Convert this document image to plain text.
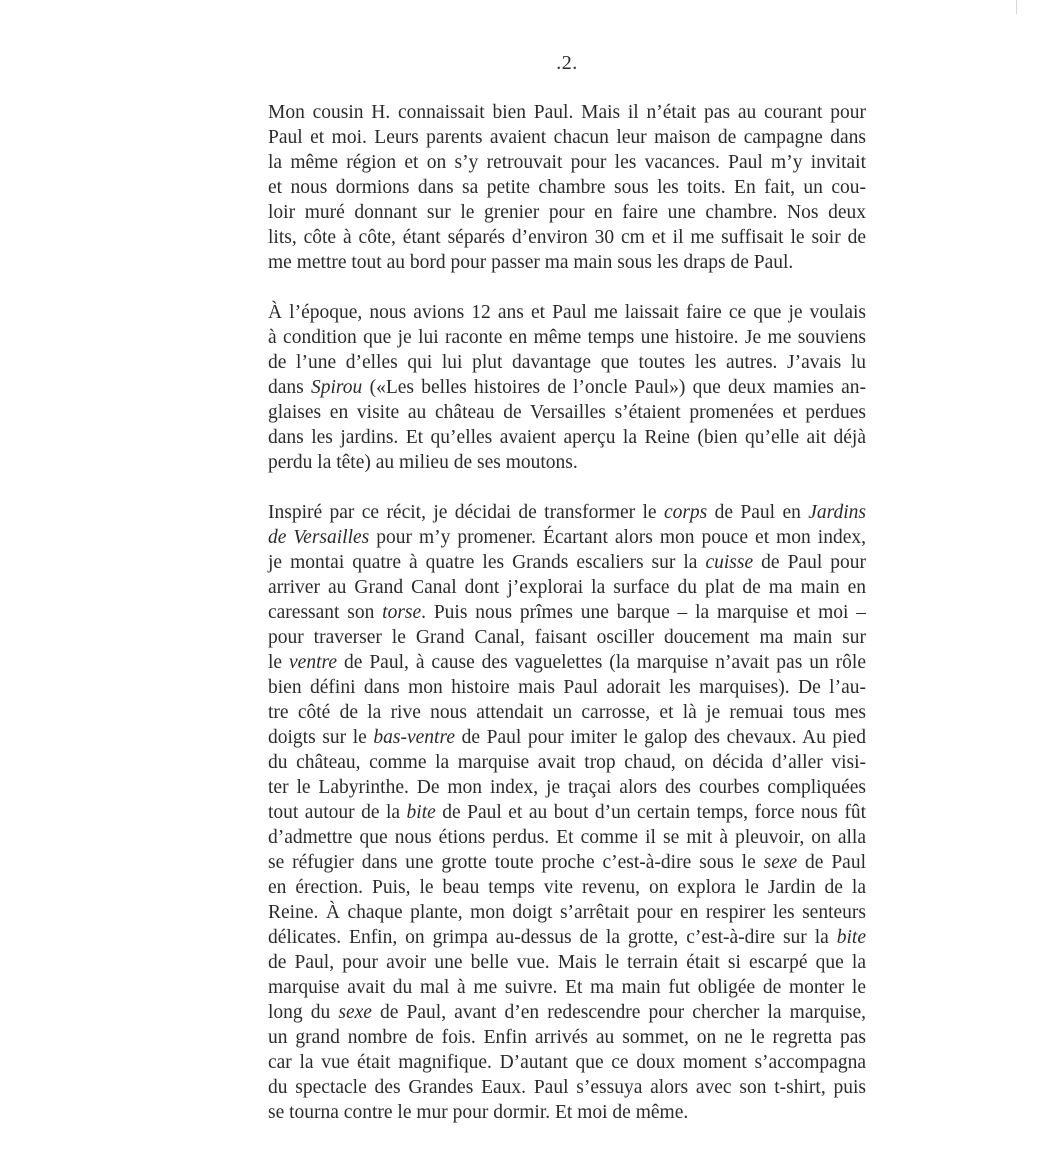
.2.

Mon cousin H. connaissait bien Paul. Mais il n’était pas au courant pour
Paul et moi. Leurs parents avaient chacun leur maison de campagne dans
la même région et on s’y retrouvait pour les vacances. Paul m’y invitait
et nous dormions dans sa petite chambre sous les toits. En fait, un cou-
loir muré donnant sur le grenier pour en faire une chambre. Nos deux
lits, côte à côte, étant séparés d’environ 30 cm et il me suffisait le soir de
me mettre tout au bord pour passer ma main sous les draps de Paul.

À l’époque, nous avions 12 ans et Paul me laissait faire ce que je voulais
à condition que je lui raconte en même temps une histoire. Je me souviens
de l’une d’elles qui lui plut davantage que toutes les autres. J’avais lu
dans Spirou («Les belles histoires de l’oncle Paul») que deux mamies an-
glaises en visite au château de Versailles s’étaient promenées et perdues
dans les jardins. Et qu’elles avaient aperçu la Reine (bien qu’elle ait déjà
perdu la tête) au milieu de ses moutons.

Inspiré par ce récit, je décidai de transformer le corps de Paul en Jardins
de Versailles pour m’y promener. Écartant alors mon pouce et mon index,
je montai quatre à quatre les Grands escaliers sur la cuisse de Paul pour
arriver au Grand Canal dont j’explorai la surface du plat de ma main en
caressant son torse. Puis nous prîmes une barque – la marquise et moi –
pour traverser le Grand Canal, faisant osciller doucement ma main sur
le ventre de Paul, à cause des vaguelettes (la marquise n’avait pas un rôle
bien défini dans mon histoire mais Paul adorait les marquises). De l’au-
tre côté de la rive nous attendait un carrosse, et là je remuai tous mes
doigts sur le bas-ventre de Paul pour imiter le galop des chevaux. Au pied
du château, comme la marquise avait trop chaud, on décida d’aller visi-
ter le Labyrinthe. De mon index, je traçai alors des courbes compliquées
tout autour de la bite de Paul et au bout d’un certain temps, force nous fût
d’admettre que nous étions perdus. Et comme il se mit à pleuvoir, on alla
se réfugier dans une grotte toute proche c’est-à-dire sous le sexe de Paul
en érection. Puis, le beau temps vite revenu, on explora le Jardin de la
Reine. À chaque plante, mon doigt s’arrêtait pour en respirer les senteurs
délicates. Enfin, on grimpa au-dessus de la grotte, c’est-à-dire sur la bite
de Paul, pour avoir une belle vue. Mais le terrain était si escarpé que la
marquise avait du mal à me suivre. Et ma main fut obligée de monter le
long du sexe de Paul, avant d’en redescendre pour chercher la marquise,
un grand nombre de fois. Enfin arrivés au sommet, on ne le regretta pas
car la vue était magnifique. D’autant que ce doux moment s’accompagna
du spectacle des Grandes Eaux. Paul s’essuya alors avec son t-shirt, puis
se tourna contre le mur pour dormir. Et moi de même.
